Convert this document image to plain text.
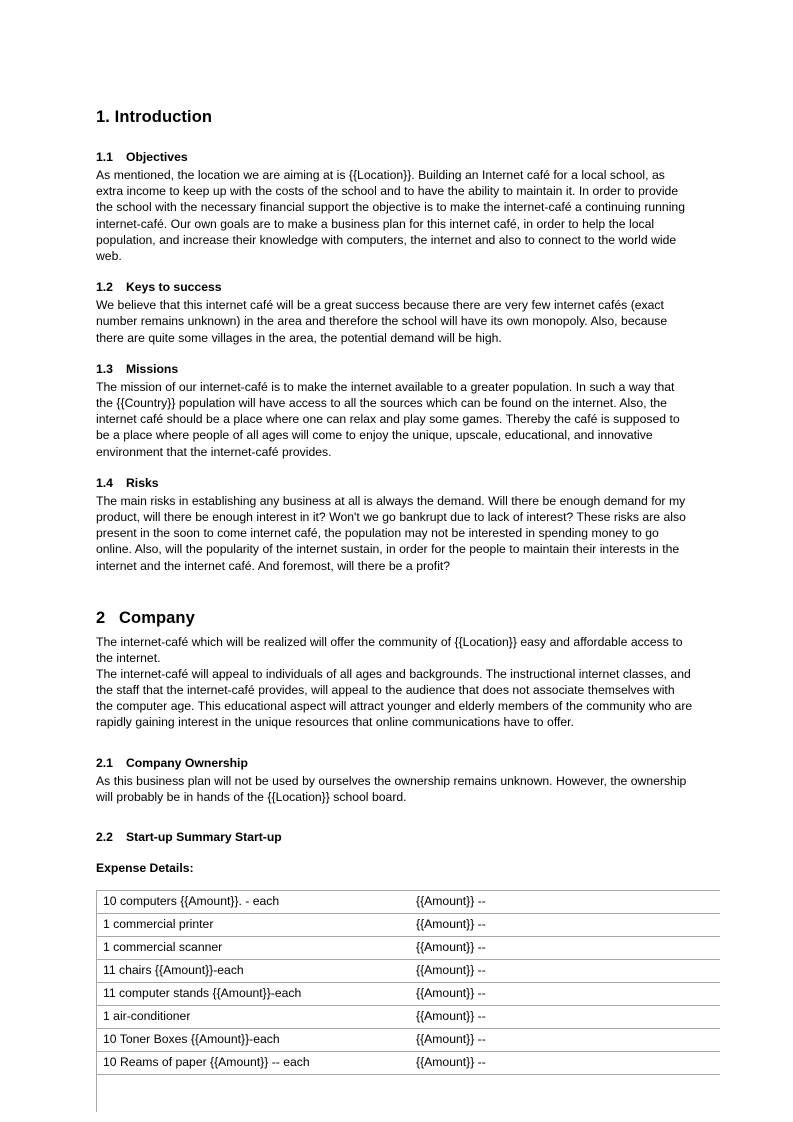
1. Introduction
1.1	Objectives

As mentioned, the location we are aiming at is {{Location}}. Building an Internet café for a local school, as extra income to keep up with the costs of the school and to have the ability to maintain it. In order to provide the school with the necessary financial support the objective is to make the internet-café a continuing running internet-café. Our own goals are to make a business plan for this internet café, in order to help the local population, and increase their knowledge with computers, the internet and also to connect to the world wide web.

1.2	Keys to success

We believe that this internet café will be a great success because there are very few internet cafés (exact number remains unknown) in the area and therefore the school will have its own monopoly. Also, because there are quite some villages in the area, the potential demand will be high.

1.3	Missions

The mission of our internet-café is to make the internet available to a greater population. In such a way that the {{Country}} population will have access to all the sources which can be found on the internet. Also, the internet café should be a place where one can relax and play some games. Thereby the café is supposed to be a place where people of all ages will come to enjoy the unique, upscale, educational, and innovative environment that the internet-café provides.

1.4	Risks

The main risks in establishing any business at all is always the demand. Will there be enough demand for my product, will there be enough interest in it? Won't we go bankrupt due to lack of interest? These risks are also present in the soon to come internet café, the population may not be interested in spending money to go online. Also, will the popularity of the internet sustain, in order for the people to maintain their interests in the internet and the internet café. And foremost, will there be a profit?

2 Company

The internet-café which will be realized will offer the community of {{Location}} easy and affordable access to the internet.

The internet-café will appeal to individuals of all ages and backgrounds. The instructional internet classes, and the staff that the internet-café provides, will appeal to the audience that does not associate themselves with the computer age. This educational aspect will attract younger and elderly members of the community who are rapidly gaining interest in the unique resources that online communications have to offer.

2.1	Company Ownership

As this business plan will not be used by ourselves the ownership remains unknown. However, the ownership will probably be in hands of the {{Location}} school board.

2.2	Start-up Summary Start-up

Expense Details:

10 computers {{Amount}}. - each	{{Amount}} --
1 commercial printer	{{Amount}} --
1 commercial scanner	{{Amount}} --
11 chairs {{Amount}}-each	{{Amount}} --
11 computer stands {{Amount}}-each	{{Amount}} --
1 air-conditioner	{{Amount}} --
10 Toner Boxes {{Amount}}-each	{{Amount}} --
10 Reams of paper {{Amount}} -- each	{{Amount}} --
